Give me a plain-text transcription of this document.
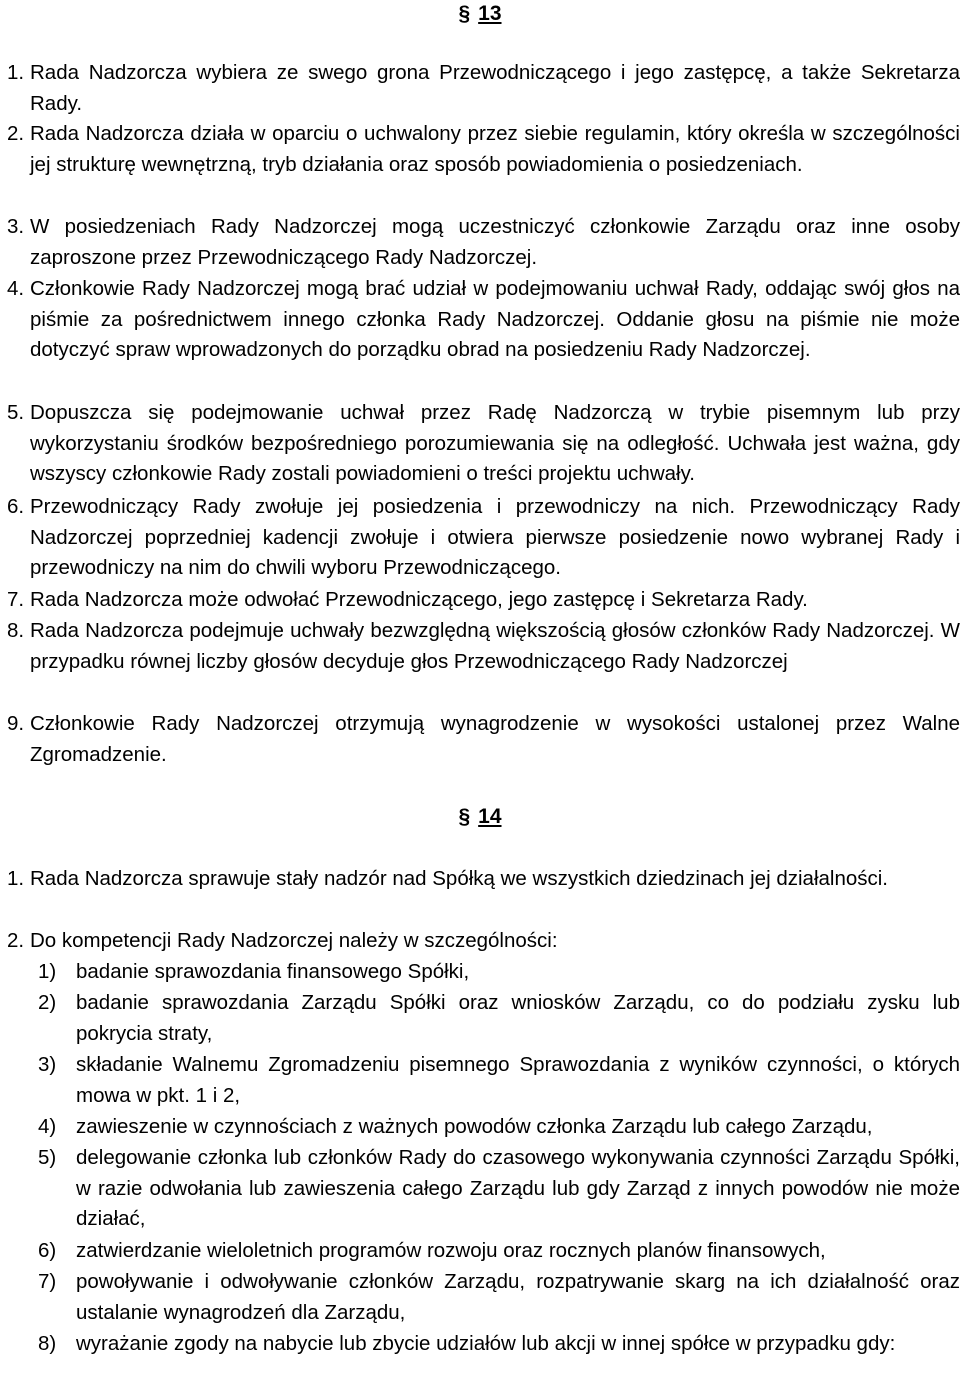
§ 13
1. Rada Nadzorcza wybiera ze swego grona Przewodniczącego i jego zastępcę, a także Sekretarza Rady.
2. Rada Nadzorcza działa w oparciu o uchwalony przez siebie regulamin, który określa w szczególności jej strukturę wewnętrzną, tryb działania oraz sposób powiadomienia o posiedzeniach.
3. W posiedzeniach Rady Nadzorczej mogą uczestniczyć członkowie Zarządu oraz inne osoby zaproszone przez Przewodniczącego Rady Nadzorczej.
4. Członkowie Rady Nadzorczej mogą brać udział w podejmowaniu uchwał Rady, oddając swój głos na piśmie za pośrednictwem innego członka Rady Nadzorczej. Oddanie głosu na piśmie nie może dotyczyć spraw wprowadzonych do porządku obrad na posiedzeniu Rady Nadzorczej.
5. Dopuszcza się podejmowanie uchwał przez Radę Nadzorczą w trybie pisemnym lub przy wykorzystaniu środków bezpośredniego porozumiewania się na odległość. Uchwała jest ważna, gdy wszyscy członkowie Rady zostali powiadomieni o treści projektu uchwały.
6. Przewodniczący Rady zwołuje jej posiedzenia i przewodniczy na nich. Przewodniczący Rady Nadzorczej poprzedniej kadencji zwołuje i otwiera pierwsze posiedzenie nowo wybranej Rady i przewodniczy na nim do chwili wyboru Przewodniczącego.
7. Rada Nadzorcza może odwołać Przewodniczącego, jego zastępcę i Sekretarza Rady.
8. Rada Nadzorcza podejmuje uchwały bezwzględną większością głosów członków Rady Nadzorczej. W przypadku równej liczby głosów decyduje głos Przewodniczącego Rady Nadzorczej
9. Członkowie Rady Nadzorczej otrzymują wynagrodzenie w wysokości ustalonej przez Walne Zgromadzenie.
§ 14
1. Rada Nadzorcza sprawuje stały nadzór nad Spółką we wszystkich dziedzinach jej działalności.
2. Do kompetencji Rady Nadzorczej należy w szczególności:
1) badanie sprawozdania finansowego Spółki,
2) badanie sprawozdania Zarządu Spółki oraz wniosków Zarządu, co do podziału zysku lub pokrycia straty,
3) składanie Walnemu Zgromadzeniu pisemnego Sprawozdania z wyników czynności, o których mowa w pkt. 1 i 2,
4) zawieszenie w czynnościach z ważnych powodów członka Zarządu lub całego Zarządu,
5) delegowanie członka lub członków Rady do czasowego wykonywania czynności Zarządu Spółki, w razie odwołania lub zawieszenia całego Zarządu lub gdy Zarząd z innych powodów nie może działać,
6) zatwierdzanie wieloletnich programów rozwoju oraz rocznych planów finansowych,
7) powoływanie i odwoływanie członków Zarządu, rozpatrywanie skarg na ich działalność oraz ustalanie wynagrodzeń dla Zarządu,
8) wyrażanie zgody na nabycie lub zbycie udziałów lub akcji w innej spółce w przypadku gdy:
